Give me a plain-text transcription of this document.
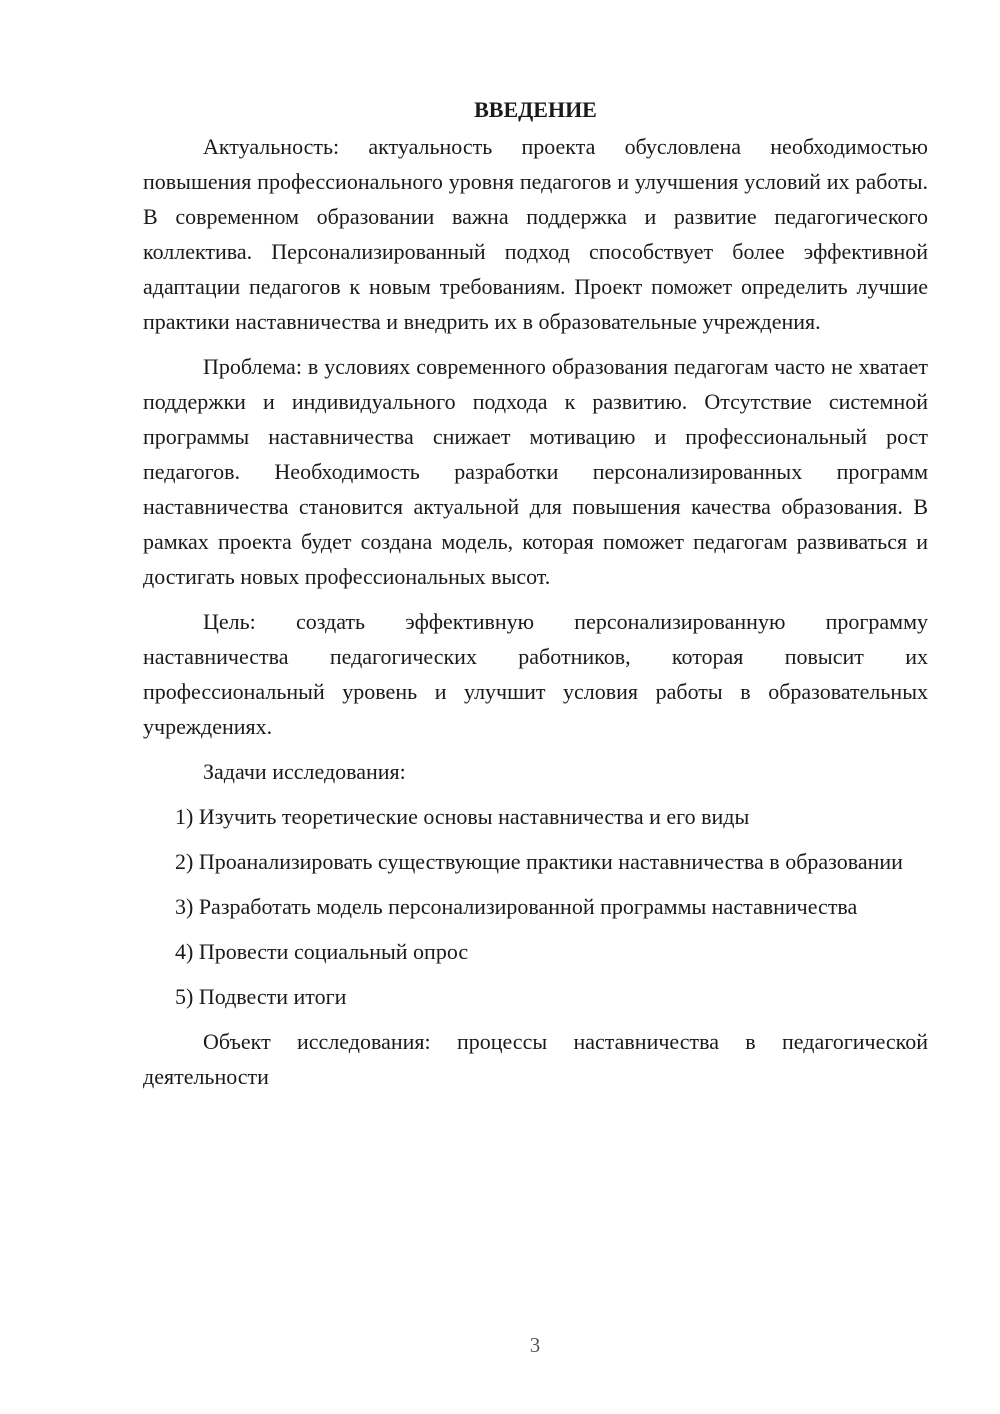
ВВЕДЕНИЕ

Актуальность: актуальность проекта обусловлена необходимостью повышения профессионального уровня педагогов и улучшения условий их работы. В современном образовании важна поддержка и развитие педагогического коллектива. Персонализированный подход способствует более эффективной адаптации педагогов к новым требованиям. Проект поможет определить лучшие практики наставничества и внедрить их в образовательные учреждения.

Проблема: в условиях современного образования педагогам часто не хватает поддержки и индивидуального подхода к развитию. Отсутствие системной программы наставничества снижает мотивацию и профессиональный рост педагогов. Необходимость разработки персонализированных программ наставничества становится актуальной для повышения качества образования. В рамках проекта будет создана модель, которая поможет педагогам развиваться и достигать новых профессиональных высот.

Цель: создать эффективную персонализированную программу наставничества педагогических работников, которая повысит их профессиональный уровень и улучшит условия работы в образовательных учреждениях.

Задачи исследования:

1) Изучить теоретические основы наставничества и его виды

2) Проанализировать существующие практики наставничества в образовании

3) Разработать модель персонализированной программы наставничества

4) Провести социальный опрос

5) Подвести итоги

Объект исследования: процессы наставничества в педагогической деятельности

3
